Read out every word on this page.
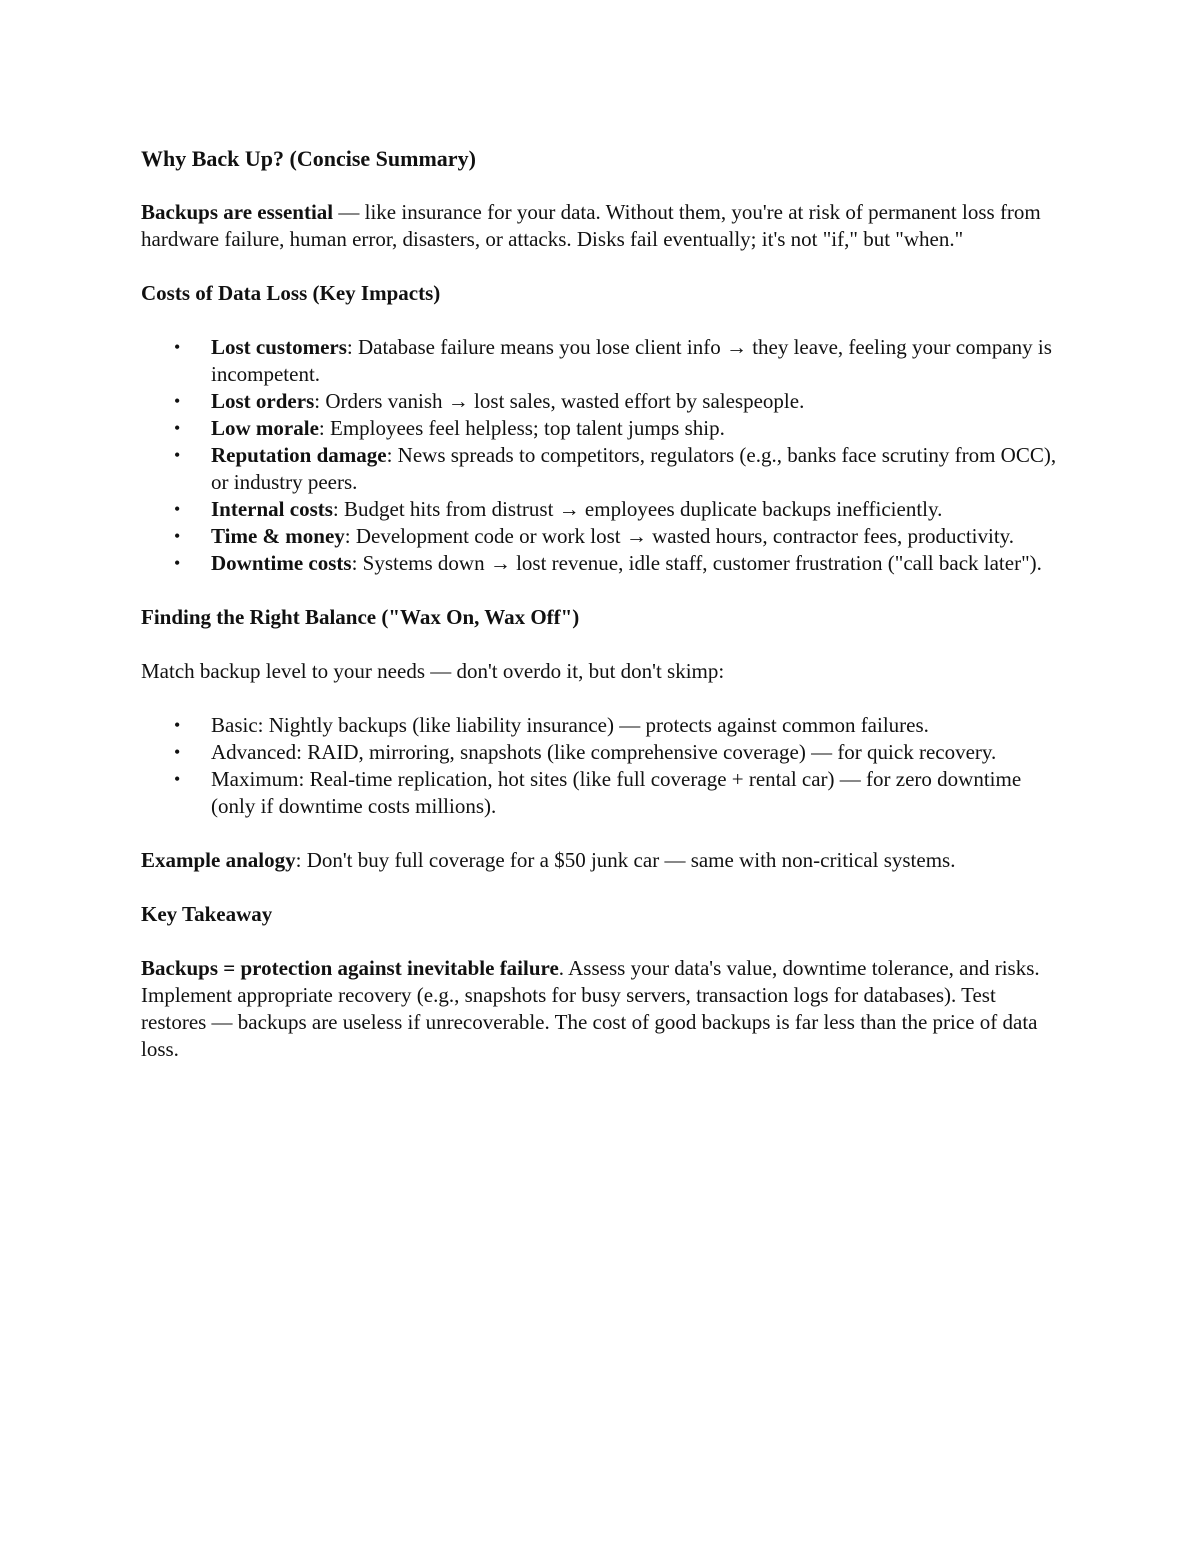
Why Back Up? (Concise Summary)

Backups are essential — like insurance for your data. Without them, you're at risk of permanent loss from hardware failure, human error, disasters, or attacks. Disks fail eventually; it's not "if," but "when."

Costs of Data Loss (Key Impacts)

• Lost customers: Database failure means you lose client info → they leave, feeling your company is incompetent.
• Lost orders: Orders vanish → lost sales, wasted effort by salespeople.
• Low morale: Employees feel helpless; top talent jumps ship.
• Reputation damage: News spreads to competitors, regulators (e.g., banks face scrutiny from OCC), or industry peers.
• Internal costs: Budget hits from distrust → employees duplicate backups inefficiently.
• Time & money: Development code or work lost → wasted hours, contractor fees, productivity.
• Downtime costs: Systems down → lost revenue, idle staff, customer frustration ("call back later").

Finding the Right Balance ("Wax On, Wax Off")

Match backup level to your needs — don't overdo it, but don't skimp:

• Basic: Nightly backups (like liability insurance) — protects against common failures.
• Advanced: RAID, mirroring, snapshots (like comprehensive coverage) — for quick recovery.
• Maximum: Real-time replication, hot sites (like full coverage + rental car) — for zero downtime (only if downtime costs millions).

Example analogy: Don't buy full coverage for a $50 junk car — same with non-critical systems.

Key Takeaway

Backups = protection against inevitable failure. Assess your data's value, downtime tolerance, and risks. Implement appropriate recovery (e.g., snapshots for busy servers, transaction logs for databases). Test restores — backups are useless if unrecoverable. The cost of good backups is far less than the price of data loss.
